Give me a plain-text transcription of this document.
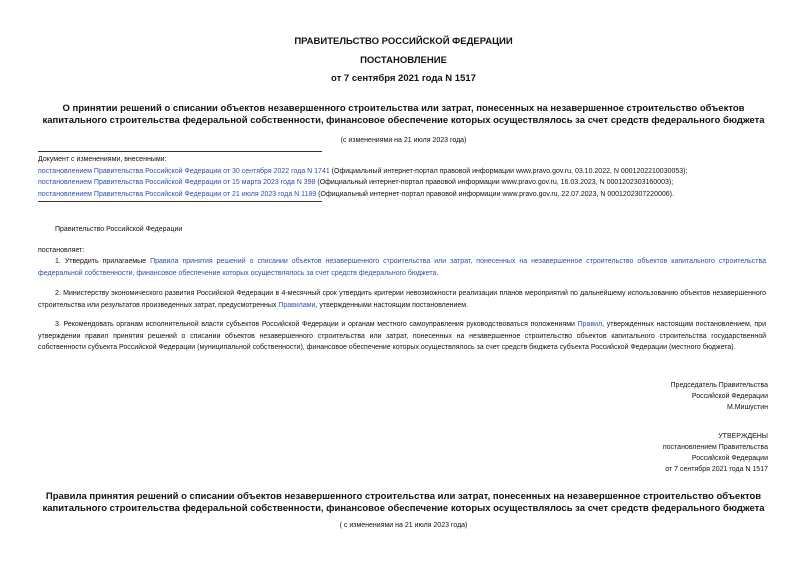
ПРАВИТЕЛЬСТВО РОССИЙСКОЙ ФЕДЕРАЦИИ
ПОСТАНОВЛЕНИЕ
от 7 сентября 2021 года N 1517
О принятии решений о списании объектов незавершенного строительства или затрат, понесенных на незавершенное строительство объектов капитального строительства федеральной собственности, финансовое обеспечение которых осуществлялось за счет средств федерального бюджета
(с изменениями на 21 июля 2023 года)
Документ с изменениями, внесенными:
постановлением Правительства Российской Федерации от 30 сентября 2022 года N 1741 (Официальный интернет-портал правовой информации www.pravo.gov.ru, 03.10.2022, N 0001202210030053);
постановлением Правительства Российской Федерации от 15 марта 2023 года N 398 (Официальный интернет-портал правовой информации www.pravo.gov.ru, 16.03.2023, N 0001202303160003);
постановлением Правительства Российской Федерации от 21 июля 2023 года N 1189 (Официальный интернет-портал правовой информации www.pravo.gov.ru, 22.07.2023, N 0001202307220006).
Правительство Российской Федерации
постановляет:
1. Утвердить прилагаемые Правила принятия решений о списании объектов незавершенного строительства или затрат, понесенных на незавершенное строительство объектов капитального строительства федеральной собственности, финансовое обеспечение которых осуществлялось за счет средств федерального бюджета.
2. Министерству экономического развития Российской Федерации в 4-месячный срок утвердить критерии невозможности реализации планов мероприятий по дальнейшему использованию объектов незавершенного строительства или результатов произведенных затрат, предусмотренных Правилами, утвержденными настоящим постановлением.
3. Рекомендовать органам исполнительной власти субъектов Российской Федерации и органам местного самоуправления руководствоваться положениями Правил, утвержденных настоящим постановлением, при утверждении правил принятия решений о списании объектов незавершенного строительства или затрат, понесенных на незавершенное строительство объектов капитального строительства государственной собственности субъекта Российской Федерации (муниципальной собственности), финансовое обеспечение которых осуществлялось за счет средств бюджета субъекта Российской Федерации (местного бюджета).
Председатель Правительства
Российской Федерации
М.Мишустин
УТВЕРЖДЕНЫ
постановлением Правительства
Российской Федерации
от 7 сентября 2021 года N 1517
Правила принятия решений о списании объектов незавершенного строительства или затрат, понесенных на незавершенное строительство объектов капитального строительства федеральной собственности, финансовое обеспечение которых осуществлялось за счет средств федерального бюджета
( с изменениями на 21 июля 2023 года)
